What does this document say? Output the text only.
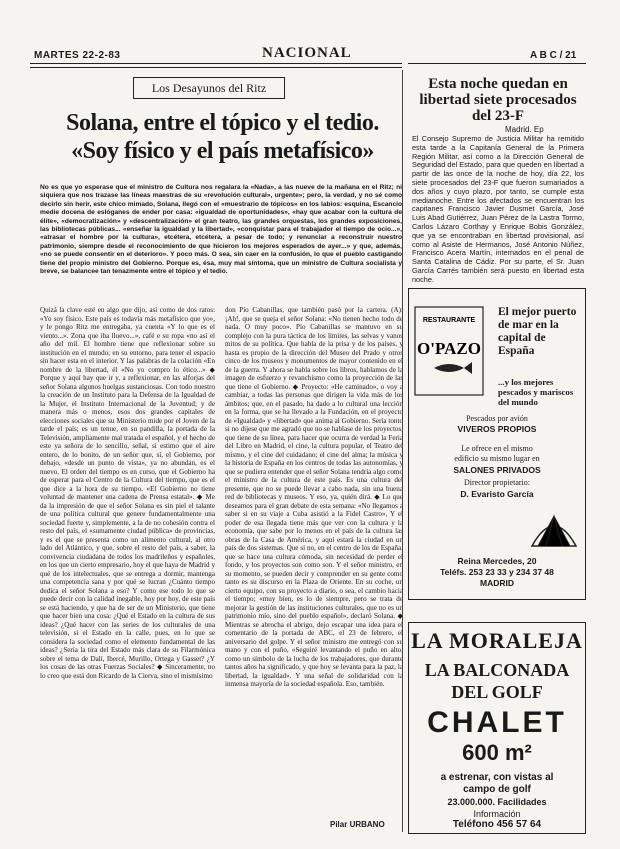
MARTES 22-2-83	NACIONAL	A B C / 21
Los Desayunos del Ritz
Solana, entre el tópico y el tedio.
«Soy físico y el país metafísico»
No es que yo esperase que el ministro de Cultura nos regalara la «Nada», a las nueve de la mañana en el Ritz; ni siquiera que nos trazase las líneas maestras de su «revolución cultural», urgente»; pero, la verdad, y no sé como decirlo sin herir, este chico mimado, Solana, llegó con el «muestrario de tópicos» en los labios: esquina, Escancio medie docena de eslóganes de ender por casa: «igualdad de oportunidades», «hay que acabar con la cultura de élite», «democratización» y «descentralización» el gran teatro, las grandes orquestas, los grandes exposiciones, las bibliotecas públicas... «enseñar la igualdad y la libertad», «conquistar para el trabajador el tiempo de ocio...», «atrasar el hombre por la cultura», etcétera, etcétera, a pesar de todo; y renunciar a reconstruir nuestro patrimonio, siempre desde el reconocimiento de que hicieron los mejores esperados de ayer...» y que, además, «no se puede consentir en el deterioro». Y poco más. O sea, sin caer en la confusión, lo que el pueblo castigando tiene del propio ministro del Gobierno. Porque es, ésa, muy mal síntoma, que un ministro de Cultura socialista y breve, se balancee tan tenazmente entre el tópico y el tedio.
Quizá la clave esté en algo que dijo, así como de dos ratos: «Yo soy físico. Este país es todavía más metafísico que yo», y le pongo Ritz me entregaba, ya cuenta «Y lo que es el viento...». Zona que iba lluevo...», café e su ropa «no así el año del mil. El hombre tiene que reflexionar sobre su institución en el mundo; en su entorno, para tener el espacio sin hacer esta en el interior. Y las palabras de la colación «En nombre de la libertad, él «No yo compro lo ético...» ◆ Porque y aquí hay que ir y, a reflexionar, en las alforjas del señor Solana algunos huelgas sustanciosas. Con todo nuestro la creación de un Instituto para la Defensa de la Igualdad de la Mujer, el Instituto Internacional de la Juventud; y de manera más o menos, esos dos grandes capitales de elecciones sociales que su Ministerio mide por el Joven de la tarde el país; es un tenue, en su pandilla, la portada de la Televisión, ampliamente mal tratada el español, y el hecho de este ya señora de lo sencillo, señal, si estimo que el aire entero, de lo bonito, de un señor que, sí, el Gobierno, por debajo, «desde un punto de vista», ya no abundan, es el nuevo. El orden del tiempo es en curso, que el Gobierno ha de esperar para el Centro de la Cultura del tiempo, que es el que dice a la hora de su tiempo. «El Gobierno no tiene voluntad de mantener una cadena de Prensa estatal». ◆ Me da la impresión de que el señor Solana es sin piel el talante de una política cultural que genere fundamentalmente una sociedad fuerte y, simplemente, a la de no cohesión contra el resto del país, el «sumamente ciudad pública» de provincias, y es el que se presenta como un alimento cultural, al otro lado del Atlántico, y que, sobre el resto del país, a saber, la convivencia ciudadana de todos los madrileños y españoles, en los que un cierto empresario, hoy el que haya de Madrid y qué de los intelectuales, que se entrega a dormir, mantenga una competencia sana y por qué se lucran ¿Cuánto tiempo dedica el señor Solana a eso? Y como ese todo lo que se puede decir con la calidad inegable, hoy por hoy, de este país se está haciendo, y que ha de ser de un Ministerio, que tiene que hacer bien una cosa: ¿Qué el Estado en la cultura de sus ideas? ¿Qué hacer con las series de los culturales de una televisión, si el Estado en la calle, pues, en lo que se considera la sociedad como el elemento fundamental de las ideas? ¿Sería la tira del Estado más clara de su Filarmónica sobre el tema de Dalí, Ibercé, Murillo, Ortega y Gasset? ¿Y los cosas de las otras Fuerzas Sociales? ◆ Sinceramente, no lo creo que está don Ricardo de la Cierva, sino el mismísimo
don Pío Cabanillas, que también pasó por la cartera. (A): ¡Ah!, que se queja el señor Solana: «No tienen hecho todo de nada. O muy poco». Pío Cabanillas se mantuvo en su complejo con la pura táctica de los límites, las selvas y vanos mitos de su política. Que habla de la prisa y de los países, y hasta es propio de la dirección del Museo del Prado y otros cinco de los museos y monumentos de mayor contenido en el de la guerra. Y ahora se habla sobre los libros, hablamos de la imagen de esfuerzo y revanchismo como la proyección de las que tiene el Gobierno. ◆ Proyecto: «He caminado», o voy a cambiar, a todas las personas que dirigen la vida más de los ámbitos; que, en el pasado, ha dado a lo cultural una lección en la forma, que se ha llevado a la Fundación, en el proyecto de «Igualdad» y «libertad» que anima al Gobierno. Sería tonto si no dijese que me agradó que no se hablase de los proyectos, que tiene de su línea, para hacer que ocurra de verdad la Feria del Libro en Madrid, el cine, la cultura popular, el Teatro del mismo, y el cine del cuidadano; el cine del alma; la música y la historia de España en los centros de todas las autonomías, y que se pudiera entender que el señor Solana tendría algo como el ministro de la cultura de este país. Es una cultura del presente, que no se puede llevar a cabo nada, sin una buena red de bibliotecas y museos. Y eso, ya, quién dirá. ◆ Lo que deseamos para el gran debate de esta semana: «No llegamos a saber si en su viaje a Cuba asistió a la Fidel Castro», Y el poder de esa llegada tiene más que ver con la cultura y la economía, que sabe por lo menos en el país de la cultura las obras de la Casa de América, y aquí estará la ciudad en un país de dos sistemas. Que si no, en el centro de los de España, que se hace una cultura cómoda, sin necesidad de perder el fondo, y los proyectos son como son. Y el señor ministro, en su momento, se pueden decir y comprender en su gente como tanto es su discurso en la Plaza de Oriente. En su coche, un cierto equipo, con su proyecto a diario, o sea, el cambio hacia el tiempo; «muy bien, es lo de siempre, pero se trata de mejorar la gestión de las instituciones culturales, que no es un patrimonio mío, sino del pueblo español», declaró Solana. ◆ Mientras se abrocha el abrigo, dejo escapar una idea para el comentario de la portada de ABC, el 23 de febrero, el aniversario del golpe. Y el señor ministro me entregó con su mano y con el puño, «Seguiré levantando el puño en alto, como un símbolo de la lucha de los trabajadores, que durante tantos años ha significado, y que hoy se levanta para la paz, la libertad, la igualdad». Y una señal de solidaridad con la inmensa mayoría de la sociedad española. Eso, también.
Pilar URBANO
Esta noche quedan en libertad siete procesados del 23-F
Madrid. Ep
El Consejo Supremo de Justicia Militar ha remitido esta tarde a la Capitanía General de la Primera Región Militar, así como a la Dirección General de Seguridad del Estado, para que queden en libertad a partir de las once de la noche de hoy, día 22, los siete procesados del 23-F que fueron sumariados a dos años y cuyo plazo, por tanto, se cumple esta medianoche. Entre los afectados se encuentran los capitanes Francisco Javier Dusmet García, José Luis Abad Gutiérrez, Juan Pérez de la Lastra Tormo, Carlos Lázaro Corthay y Enrique Bobis González, que ya se encontraban en libertad provisional, así como al Asiste de Hermanos, José Antonio Núñez, Francisco Acera Martín, internados en el penal de Santa Catalina de Cádiz. Por su parte, el Sr. Juan García Carrés también será puesto en libertad esta noche.
RESTAURANTE
O'PAZO
El mejor puerto de mar en la capital de España
...y los mejores pescados y mariscos del mundo
Pescados por avión
VIVEROS PROPIOS
Le ofrece en el mismo
edificio su mismo lugar en
SALONES PRIVADOS
Director propietario:
D. Evaristo García
Reina Mercedes, 20
Teléfs. 253 23 33 y 234 37 48
MADRID
LA MORALEJA
LA BALCONADA
DEL GOLF
CHALET
600 m²
a estrenar, con vistas al
campo de golf
23.000.000. Facilidades
Información
Teléfono 456 57 64
